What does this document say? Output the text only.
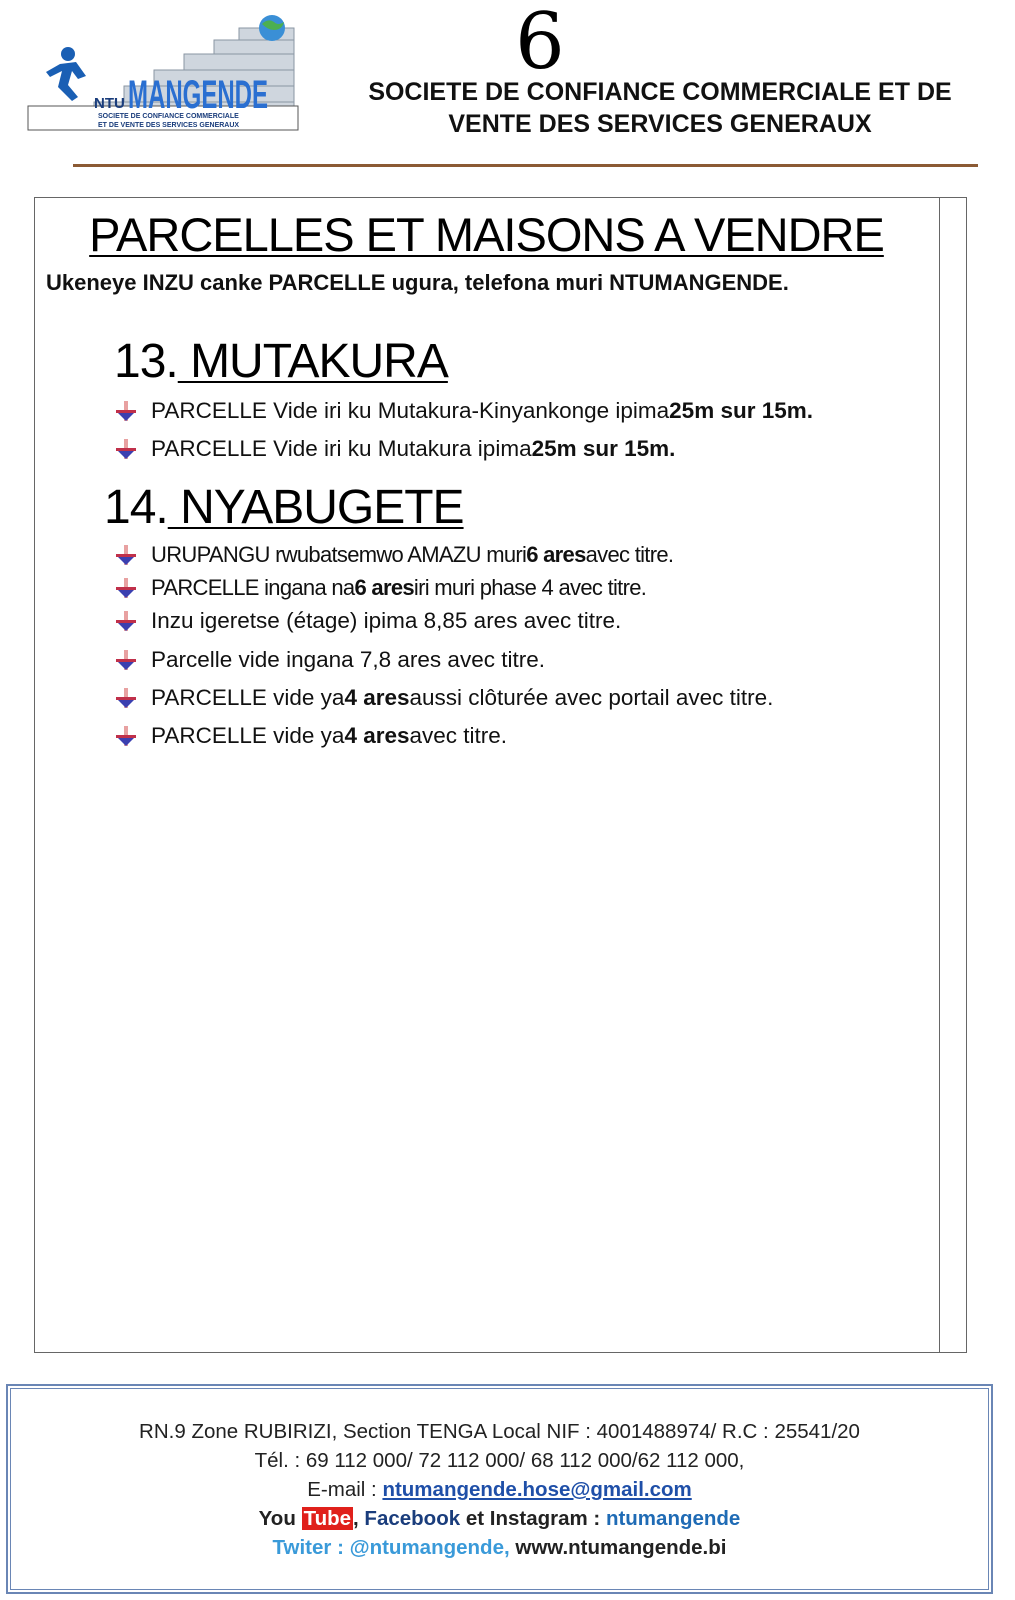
NTU MANGENDE
SOCIETE DE CONFIANCE COMMERCIALE
ET DE VENTE DES SERVICES GENERAUX
6
SOCIETE DE CONFIANCE COMMERCIALE ET DE
VENTE DES SERVICES GENERAUX
PARCELLES ET MAISONS A VENDRE
Ukeneye INZU canke PARCELLE ugura, telefona muri NTUMANGENDE.
13. MUTAKURA
PARCELLE Vide iri ku Mutakura-Kinyankonge ipima 25m sur 15m.
PARCELLE Vide iri ku Mutakura ipima 25m sur 15m.
14. NYABUGETE
URUPANGU rwubatsemwo AMAZU muri 6 ares avec titre.
PARCELLE ingana na 6 ares iri muri phase 4 avec titre.
Inzu igeretse (étage) ipima 8,85 ares avec titre.
Parcelle vide ingana 7,8 ares avec titre.
PARCELLE vide ya 4 ares aussi clôturée avec portail avec titre.
PARCELLE vide ya 4 ares avec titre.
RN.9 Zone RUBIRIZI, Section TENGA Local NIF : 4001488974/ R.C : 25541/20
Tél. : 69 112 000/ 72 112 000/ 68 112 000/62 112 000,
E-mail : ntumangende.hose@gmail.com
You Tube, Facebook et Instagram : ntumangende
Twiter : @ntumangende, www.ntumangende.bi
